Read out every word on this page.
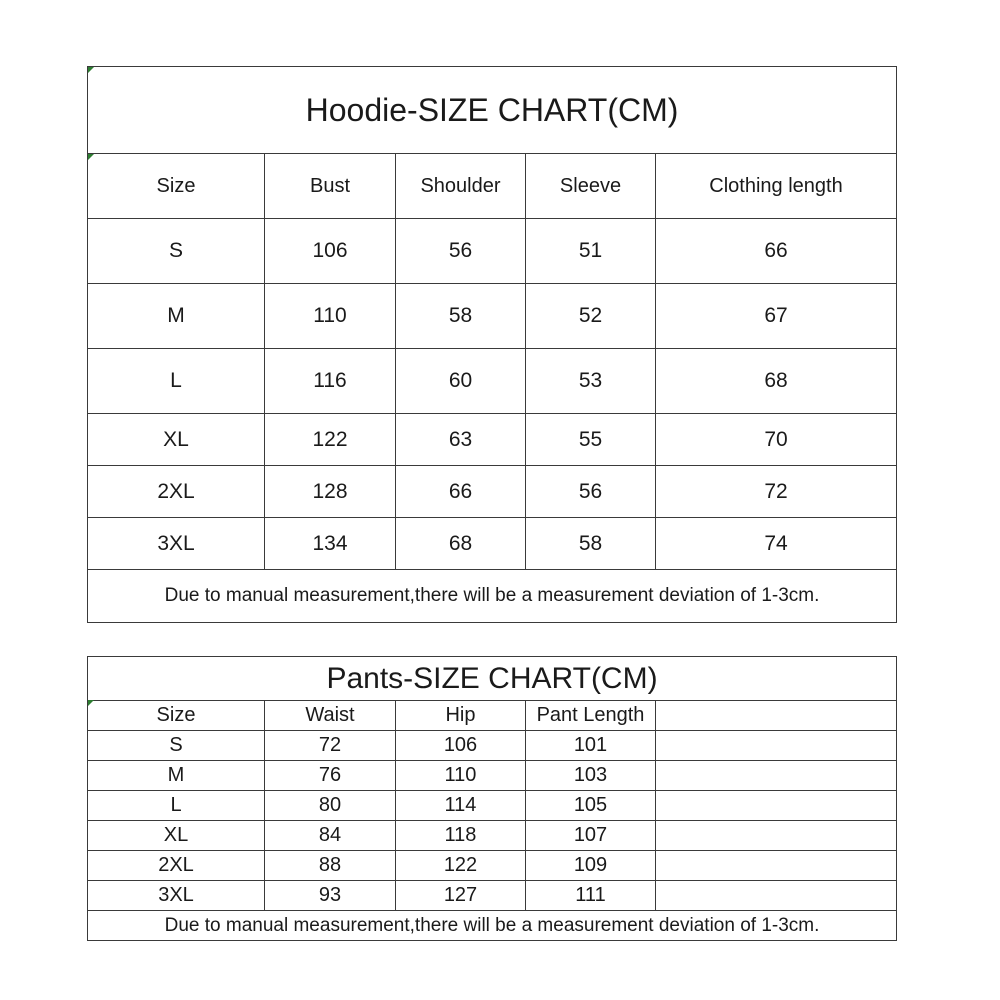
Hoodie-SIZE CHART(CM)				
Size	Bust	Shoulder	Sleeve	Clothing length
S	106	56	51	66
M	110	58	52	67
L	116	60	53	68
XL	122	63	55	70
2XL	128	66	56	72
3XL	134	68	58	74
Due to manual measurement,there will be a measurement deviation of 1-3cm.				
Pants-SIZE CHART(CM)				
Size	Waist	Hip	Pant Length	
S	72	106	101	
M	76	110	103	
L	80	114	105	
XL	84	118	107	
2XL	88	122	109	
3XL	93	127	111	
Due to manual measurement,there will be a measurement deviation of 1-3cm.				
